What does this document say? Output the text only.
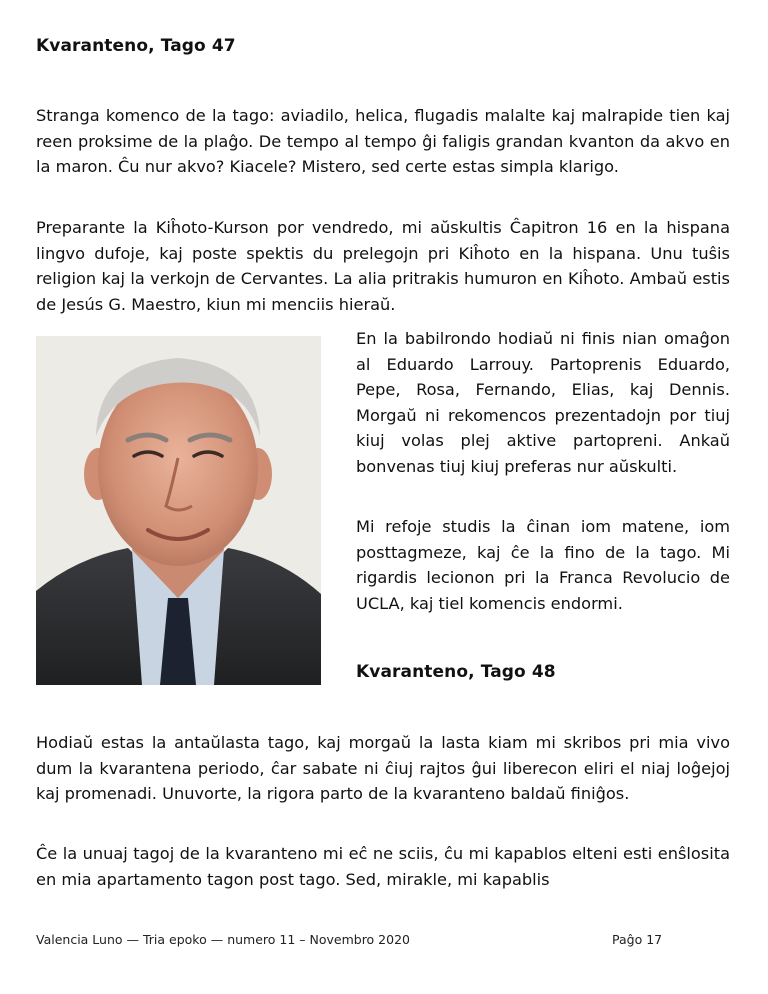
Kvaranteno, Tago 47

Stranga komenco de la tago: aviadilo, helica, flugadis malalte kaj malrapide tien kaj reen proksime de la plaĝo. De tempo al tempo ĝi faligis grandan kvanton da akvo en la maron. Ĉu nur akvo? Kiacele? Mistero, sed certe estas simpla klarigo.

Preparante la Kiĥoto-Kurson por vendredo, mi aŭskultis Ĉapitron 16 en la hispana lingvo dufoje, kaj poste spektis du prelegojn pri Kiĥoto en la hispana. Unu tuŝis religion kaj la verkojn de Cervantes. La alia pritrakis humuron en Kiĥoto. Ambaŭ estis de Jesús G. Maestro, kiun mi menciis hieraŭ.

En la babilrondo hodiaŭ ni finis nian omaĝon al Eduardo Larrouy. Partoprenis Eduardo, Pepe, Rosa, Fernando, Elias, kaj Dennis. Morgaŭ ni rekomencos prezentadojn por tiuj kiuj volas plej aktive partopreni. Ankaŭ bonvenas tiuj kiuj preferas nur aŭskulti.

Mi refoje studis la ĉinan iom matene, iom posttagmeze, kaj ĉe la fino de la tago. Mi rigardis lecionon pri la Franca Revolucio de UCLA, kaj tiel komencis endormi.

Kvaranteno, Tago 48

Hodiaŭ estas la antaŭlasta tago, kaj morgaŭ la lasta kiam mi skribos pri mia vivo dum la kvarantena periodo, ĉar sabate ni ĉiuj rajtos ĝui liberecon eliri el niaj loĝejoj kaj promenadi. Unuvorte, la rigora parto de la kvaranteno baldaŭ finiĝos.

Ĉe la unuaj tagoj de la kvaranteno mi eĉ ne sciis, ĉu mi kapablos elteni esti enŝlosita en mia apartamento tagon post tago. Sed, mirakle, mi kapablis

Valencia Luno — Tria epoko — numero 11 – Novembro 2020	Paĝo 17
